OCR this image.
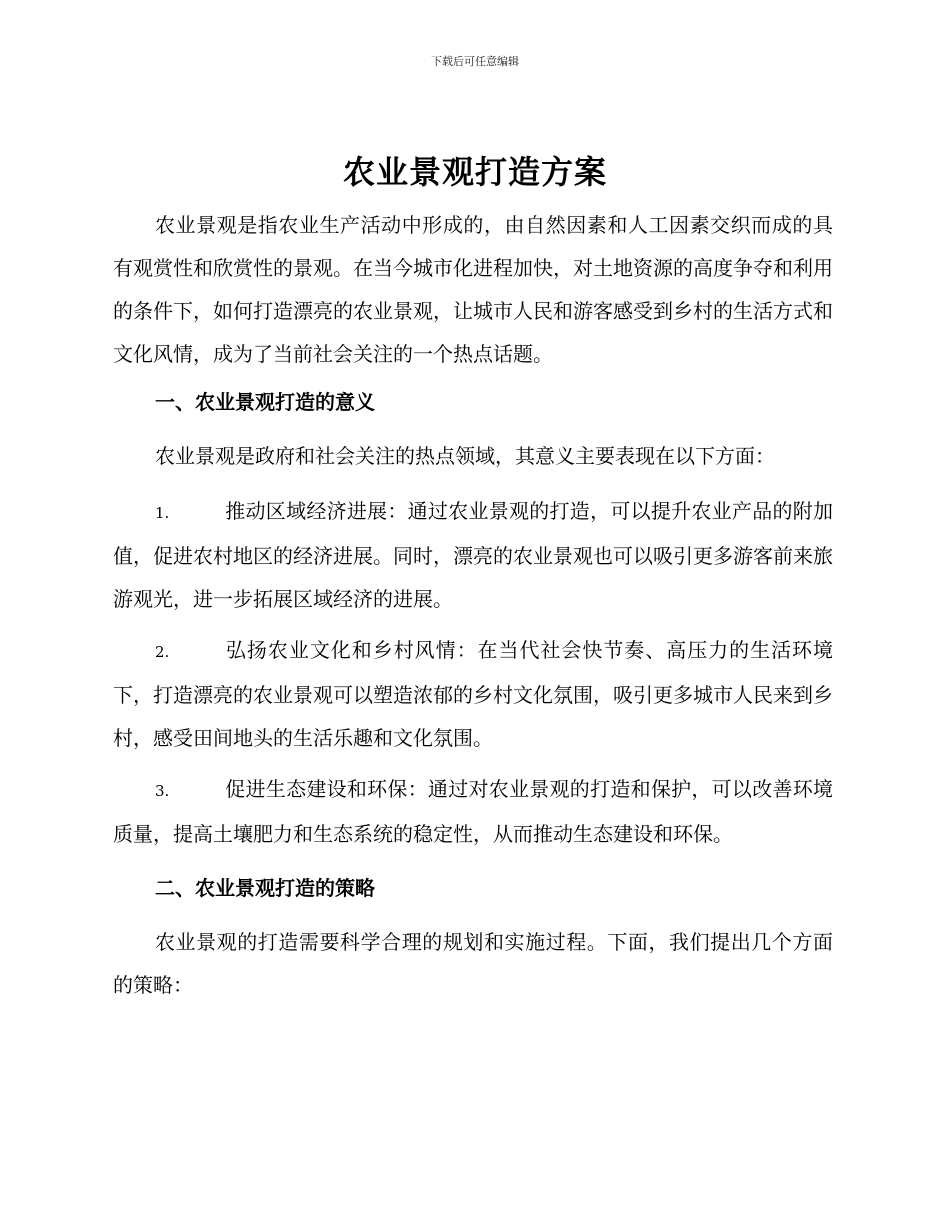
下载后可任意编辑
农业景观打造方案

农业景观是指农业生产活动中形成的，由自然因素和人工因素交织而成的具有观赏性和欣赏性的景观。在当今城市化进程加快，对土地资源的高度争夺和利用的条件下，如何打造漂亮的农业景观，让城市人民和游客感受到乡村的生活方式和文化风情，成为了当前社会关注的一个热点话题。

一、农业景观打造的意义

农业景观是政府和社会关注的热点领域，其意义主要表现在以下方面：

1.	推动区域经济进展：通过农业景观的打造，可以提升农业产品的附加值，促进农村地区的经济进展。同时，漂亮的农业景观也可以吸引更多游客前来旅游观光，进一步拓展区域经济的进展。
2.	弘扬农业文化和乡村风情：在当代社会快节奏、高压力的生活环境下，打造漂亮的农业景观可以塑造浓郁的乡村文化氛围，吸引更多城市人民来到乡村，感受田间地头的生活乐趣和文化氛围。
3.	促进生态建设和环保：通过对农业景观的打造和保护，可以改善环境质量，提高土壤肥力和生态系统的稳定性，从而推动生态建设和环保。
二、农业景观打造的策略

农业景观的打造需要科学合理的规划和实施过程。下面，我们提出几个方面的策略：
